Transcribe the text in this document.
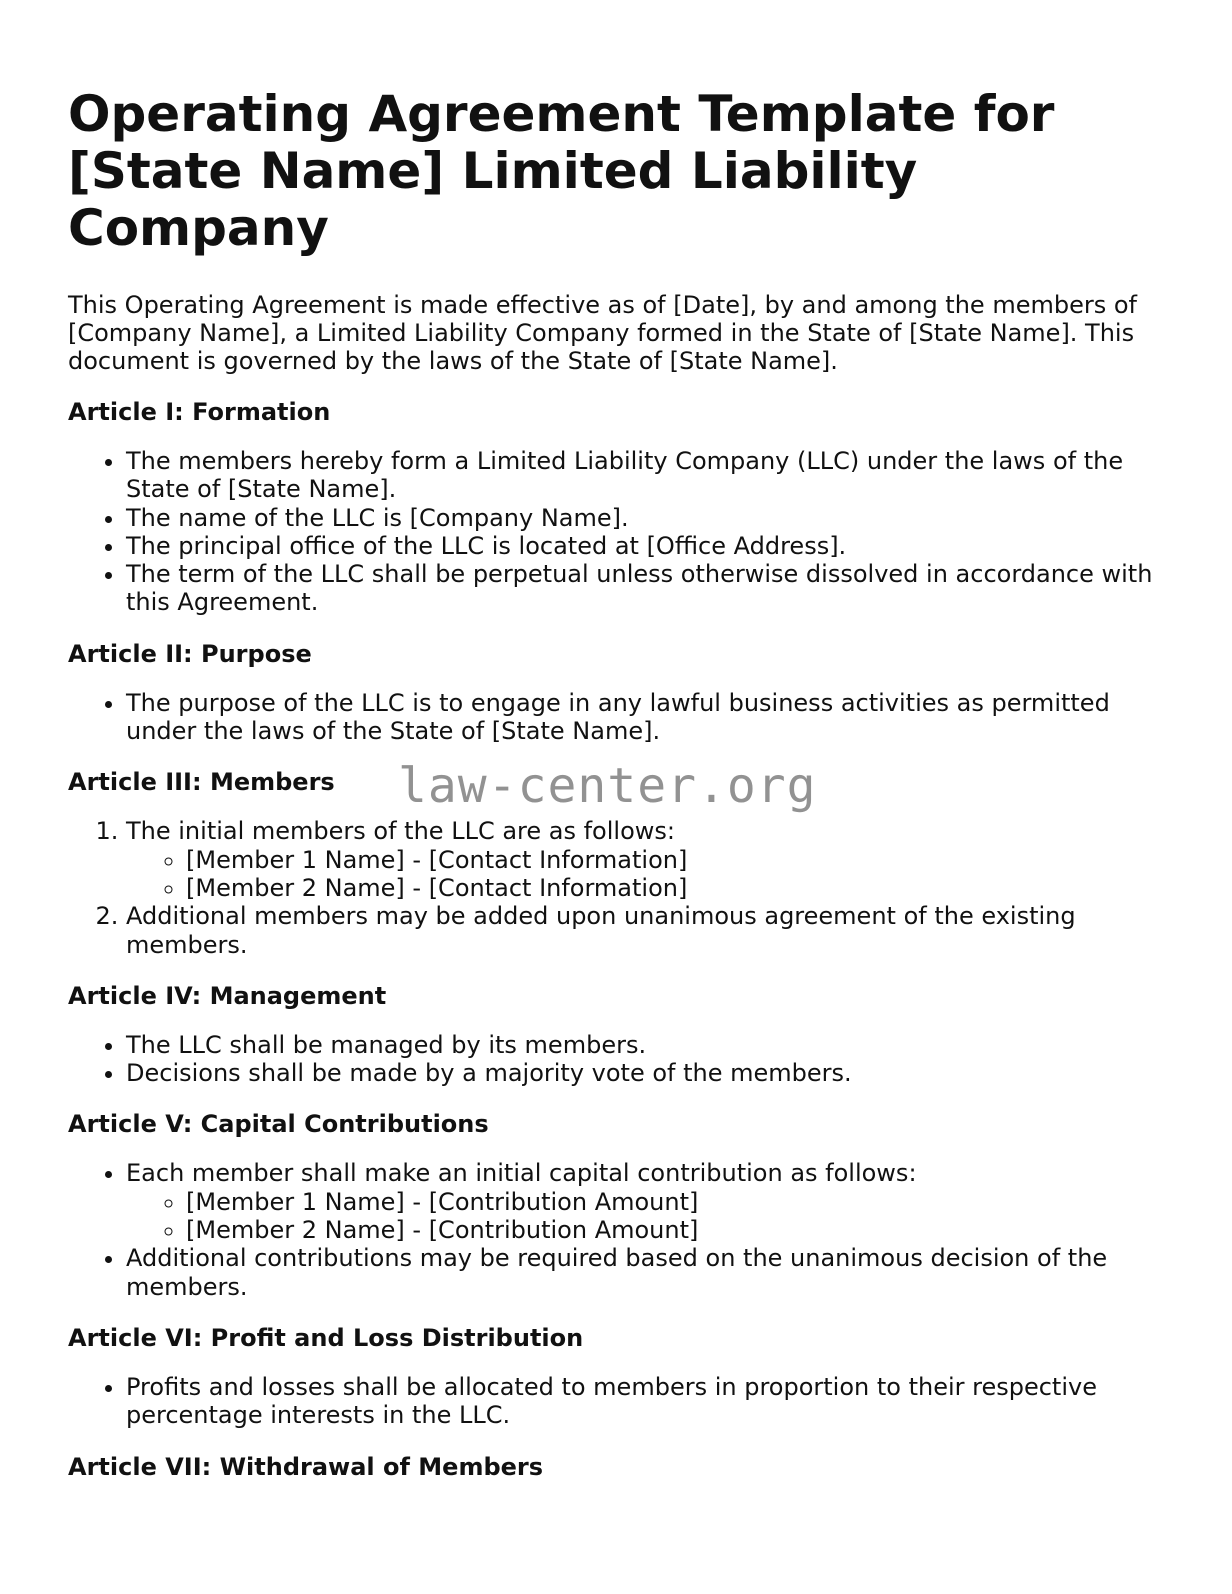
Operating Agreement Template for [State Name] Limited Liability Company

This Operating Agreement is made effective as of [Date], by and among the members of [Company Name], a Limited Liability Company formed in the State of [State Name]. This document is governed by the laws of the State of [State Name].

Article I: Formation
• The members hereby form a Limited Liability Company (LLC) under the laws of the State of [State Name].
• The name of the LLC is [Company Name].
• The principal office of the LLC is located at [Office Address].
• The term of the LLC shall be perpetual unless otherwise dissolved in accordance with this Agreement.
Article II: Purpose
• The purpose of the LLC is to engage in any lawful business activities as permitted under the laws of the State of [State Name].
Article III: Members
1. The initial members of the LLC are as follows:
◦ [Member 1 Name] - [Contact Information]
◦ [Member 2 Name] - [Contact Information]
2. Additional members may be added upon unanimous agreement of the existing members.
Article IV: Management
• The LLC shall be managed by its members.
• Decisions shall be made by a majority vote of the members.
Article V: Capital Contributions
• Each member shall make an initial capital contribution as follows:
◦ [Member 1 Name] - [Contribution Amount]
◦ [Member 2 Name] - [Contribution Amount]
• Additional contributions may be required based on the unanimous decision of the members.
Article VI: Profit and Loss Distribution
• Profits and losses shall be allocated to members in proportion to their respective percentage interests in the LLC.
Article VII: Withdrawal of Members
law-center.org
